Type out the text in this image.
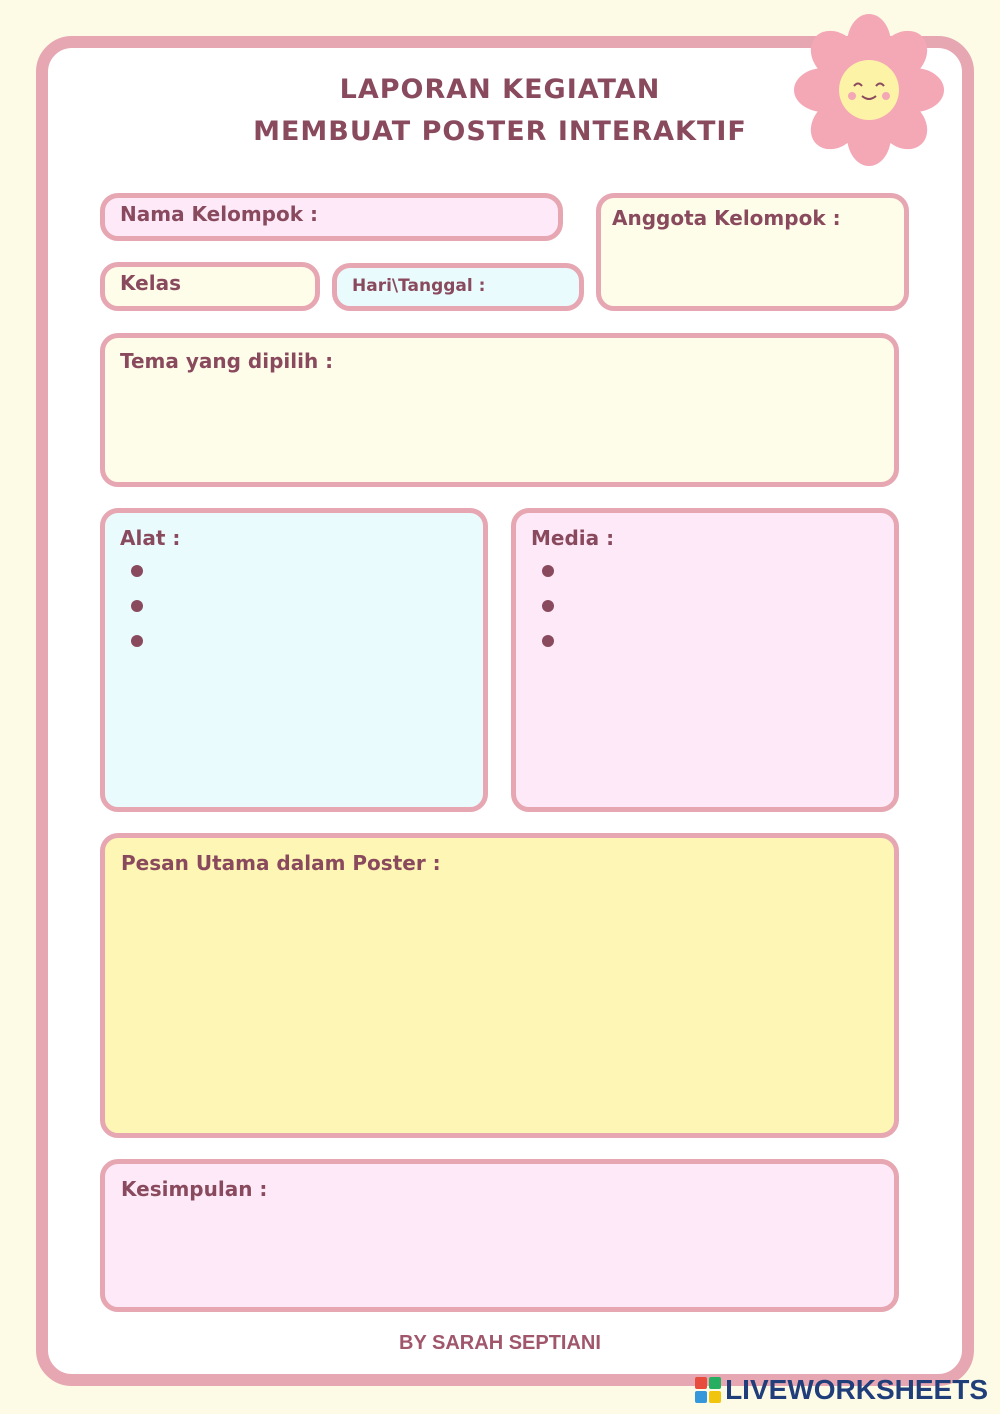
LAPORAN KEGIATAN
MEMBUAT POSTER INTERAKTIF
Nama Kelompok :	Anggota Kelompok :
Kelas	Hari\Tanggal :
Tema yang dipilih :
Alat :	Media :
Pesan Utama dalam Poster :
Kesimpulan :
BY SARAH SEPTIANI
LIVEWORKSHEETS
